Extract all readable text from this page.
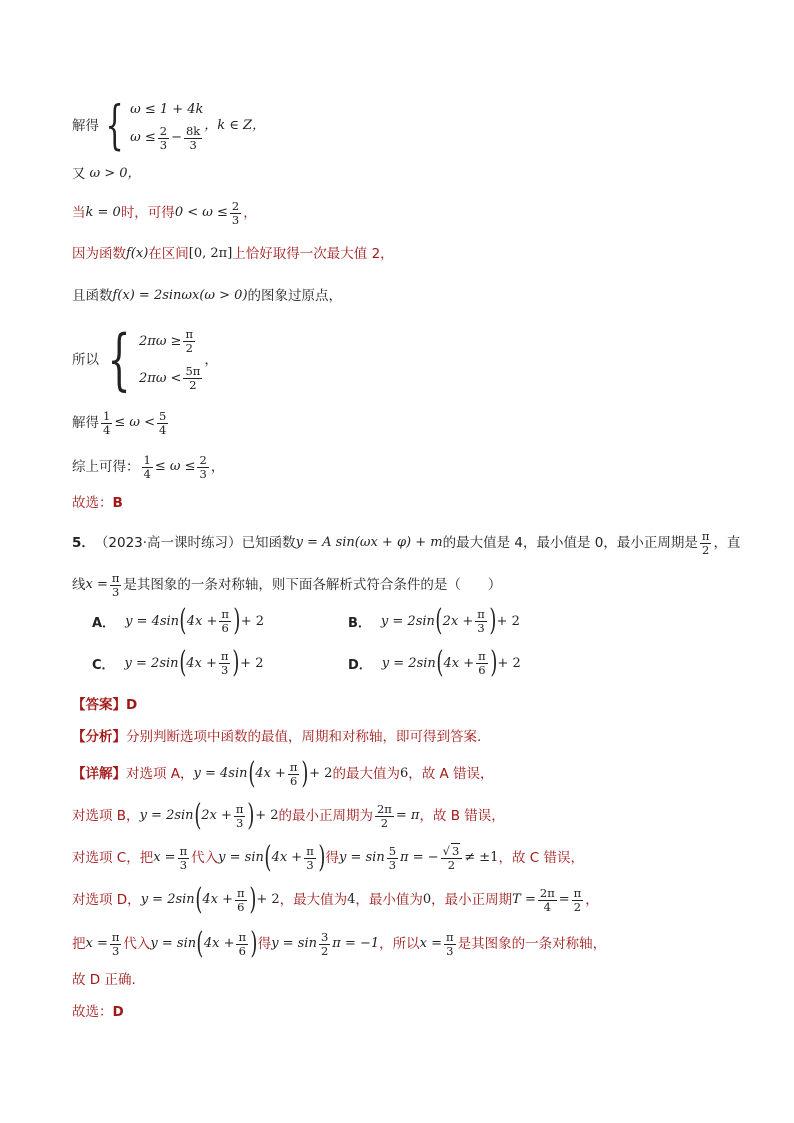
解得 { ω ≤ 1 + 4k
$\omega \le \frac{2}{3} - \frac{8k}{3}$ ，k ∈ Z，
又 ω > 0，
当 k = 0 时，可得 $0 < \omega \le \frac{2}{3}$ ，
因为函数 f(x) 在区间 [0, 2π] 上恰好取得一次最大值 2，
且函数 f(x) = 2sinωx(ω > 0) 的图象过原点，
所以 { $2\pi\omega \ge \frac{\pi}{2}$
$2\pi\omega < \frac{5\pi}{2}$
，
解得 $\frac{1}{4} \le \omega < \frac{5}{4}$
综上可得： $\frac{1}{4} \le \omega \le \frac{2}{3}$ ，
故选： B
5． （2023·高一课时练习） 已知函数 y = A sin(ωx + φ) + m 的最大值是 4，最小值是 0，最小正周期是 $\frac{\pi}{2}$ ，直
线 $x = \frac{\pi}{3}$ 是其图象的一条对称轴，则下面各解析式符合条件的是（　　）
A． y = 4sin ( $4x + \frac{\pi}{6}$ ) + 2	B． y = 2sin ( $2x + \frac{\pi}{3}$ ) + 2
C． y = 2sin ( $4x + \frac{\pi}{3}$ ) + 2	D． y = 2sin ( $4x + \frac{\pi}{6}$ ) + 2
【答案】 D
【分析】 分别判断选项中函数的最值，周期和对称轴，即可得到答案.
【详解】 对选项 A， y = 4sin ( $4x + \frac{\pi}{6}$ ) + 2 的最大值为 6 ，故 A 错误，
对选项 B， y = 2sin ( $2x + \frac{\pi}{3}$ ) + 2 的最小正周期为 $\frac{2\pi}{2} = \pi$ ，故 B 错误，
对选项 C，把 $x = \frac{\pi}{3}$ 代入 y = sin ( $4x + \frac{\pi}{3}$ ) 得 $y = \sin \frac{5}{3}$ π = − $\frac{√ 3}{2} \ne \pm 1$ ，故 C 错误，
对选项 D， y = 2sin ( $4x + \frac{\pi}{6}$ ) + 2 ，最大值为 4 ，最小值为 0 ，最小正周期 $T = \frac{2\pi}{4} = \frac{\pi}{2}$ ，
把 $x = \frac{\pi}{3}$ 代入 y = sin ( $4x + \frac{\pi}{6}$ ) 得 $y = \sin \frac{3}{2}$ π = −1 ，所以 $x = \frac{\pi}{3}$ 是其图象的一条对称轴，
故 D 正确.
故选： D
